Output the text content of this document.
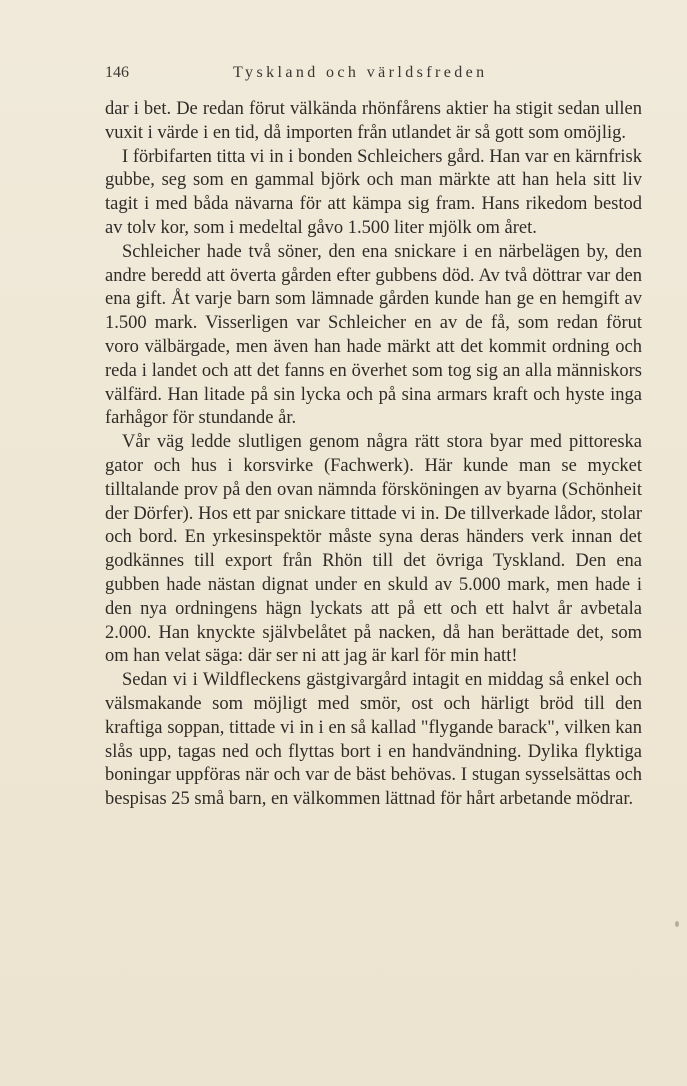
146	Tyskland och världsfreden

dar i bet. De redan förut välkända rhönfårens aktier ha stigit sedan ullen vuxit i värde i en tid, då importen från utlandet är så gott som omöjlig.

I förbifarten titta vi in i bonden Schleichers gård. Han var en kärnfrisk gubbe, seg som en gammal björk och man märkte att han hela sitt liv tagit i med båda nävarna för att kämpa sig fram. Hans rikedom bestod av tolv kor, som i medeltal gåvo 1.500 liter mjölk om året.

Schleicher hade två söner, den ena snickare i en närbelägen by, den andre beredd att överta gården efter gubbens död. Av två döttrar var den ena gift. Åt varje barn som lämnade gården kunde han ge en hemgift av 1.500 mark. Visserligen var Schleicher en av de få, som redan förut voro välbärgade, men även han hade märkt att det kommit ordning och reda i landet och att det fanns en överhet som tog sig an alla människors välfärd. Han litade på sin lycka och på sina armars kraft och hyste inga farhågor för stundande år.

Vår väg ledde slutligen genom några rätt stora byar med pittoreska gator och hus i korsvirke (Fachwerk). Här kunde man se mycket tilltalande prov på den ovan nämnda försköningen av byarna (Schönheit der Dörfer). Hos ett par snickare tittade vi in. De tillverkade lådor, stolar och bord. En yrkesinspektör måste syna deras händers verk innan det godkännes till export från Rhön till det övriga Tyskland. Den ena gubben hade nästan dignat under en skuld av 5.000 mark, men hade i den nya ordningens hägn lyckats att på ett och ett halvt år avbetala 2.000. Han knyckte självbelåtet på nacken, då han berättade det, som om han velat säga: där ser ni att jag är karl för min hatt!

Sedan vi i Wildfleckens gästgivargård intagit en middag så enkel och välsmakande som möjligt med smör, ost och härligt bröd till den kraftiga soppan, tittade vi in i en så kallad "flygande barack", vilken kan slås upp, tagas ned och flyttas bort i en handvändning. Dylika flyktiga boningar uppföras när och var de bäst behövas. I stugan sysselsättas och bespisas 25 små barn, en välkommen lättnad för hårt arbetande mödrar.
